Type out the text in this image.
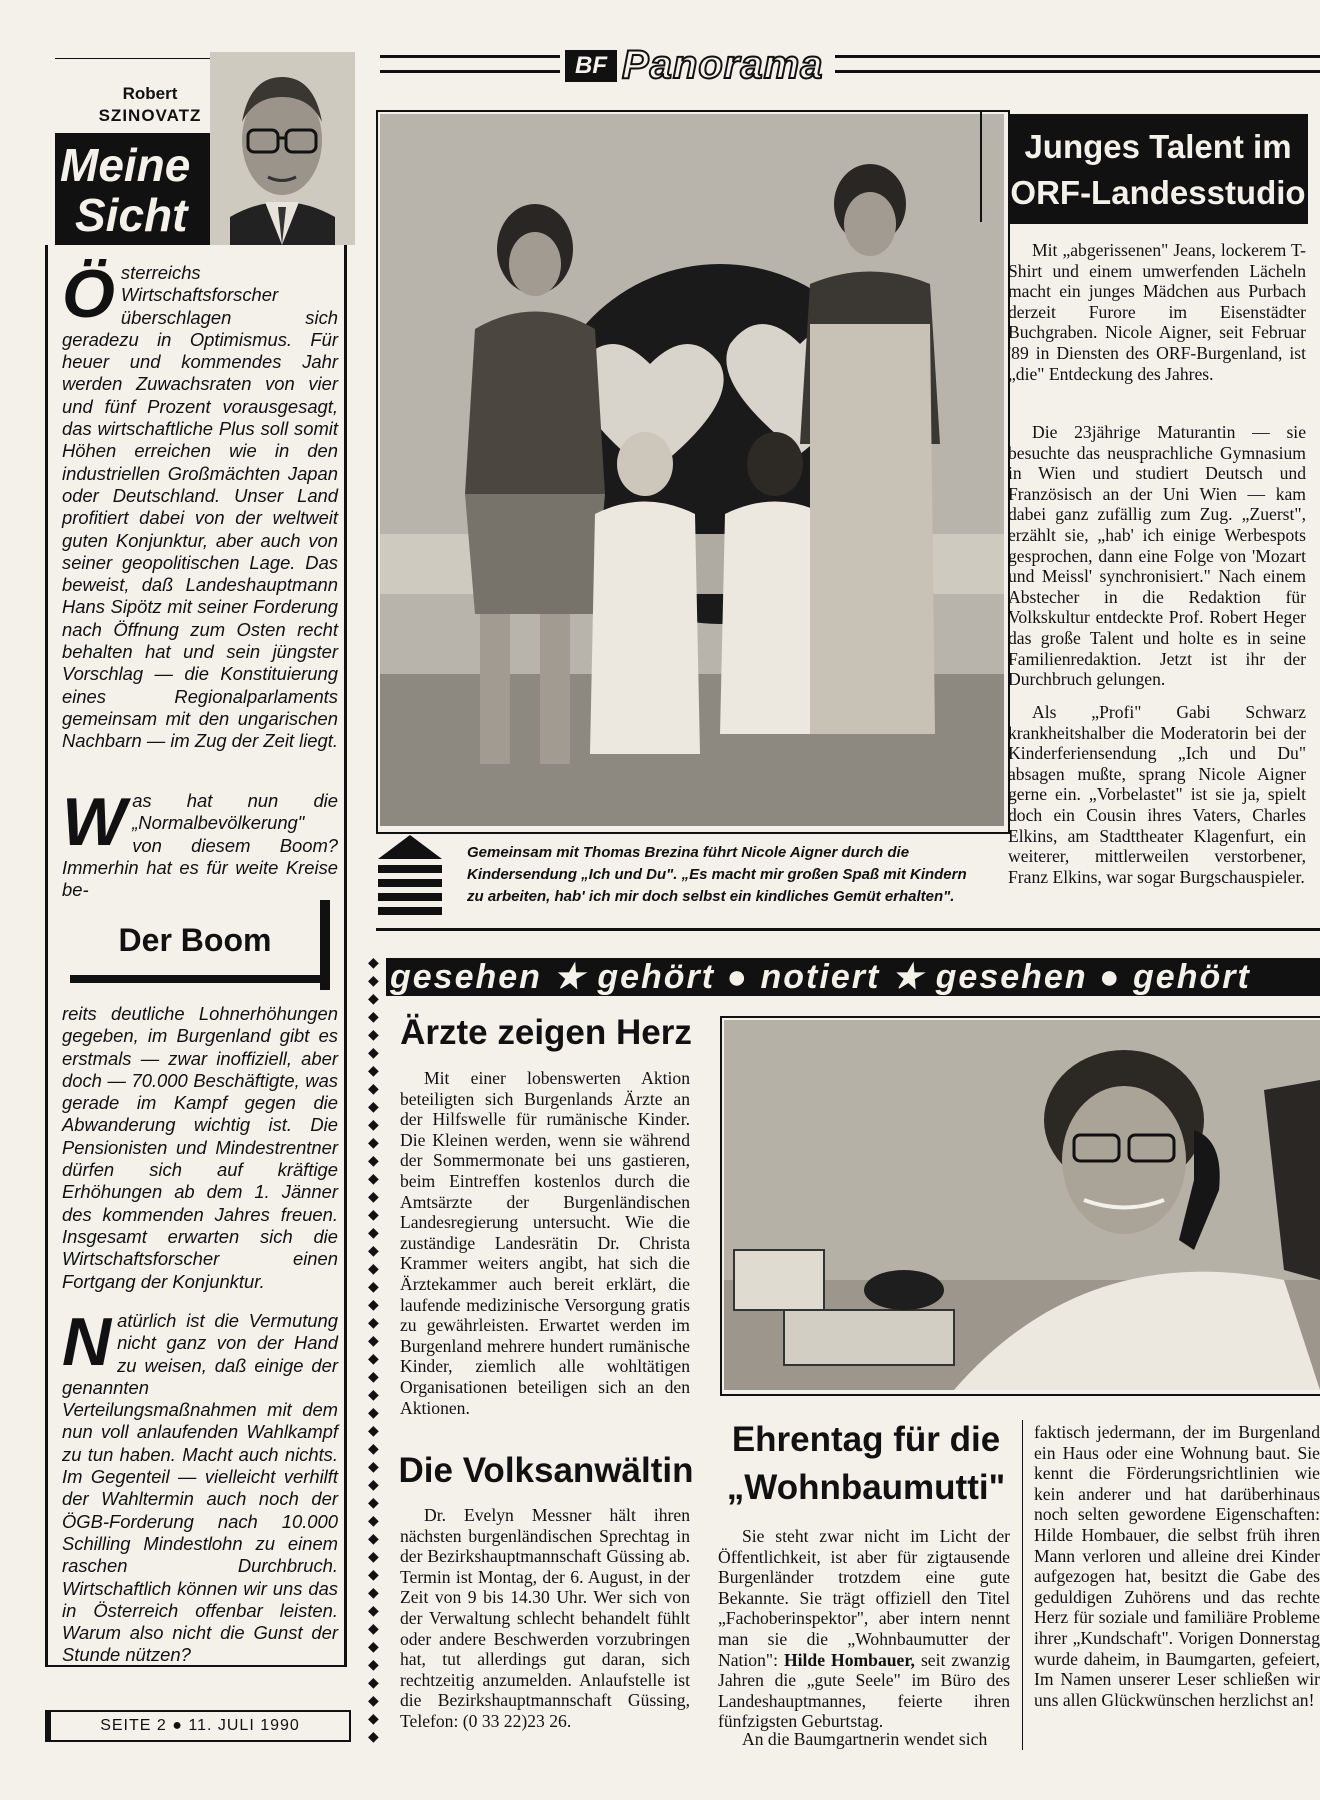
BF Panorama
Robert
SZINOVATZ
Meine
Sicht
Österreichs Wirtschaftsforscher überschlagen sich geradezu in Optimismus. Für heuer und kommendes Jahr werden Zuwachsraten von vier und fünf Prozent vorausgesagt, das wirtschaftliche Plus soll somit Höhen erreichen wie in den industriellen Großmächten Japan oder Deutschland. Unser Land profitiert dabei von der weltweit guten Konjunktur, aber auch von seiner geopolitischen Lage. Das beweist, daß Landeshauptmann Hans Sipötz mit seiner Forderung nach Öffnung zum Osten recht behalten hat und sein jüngster Vorschlag — die Konstituierung eines Regionalparlaments gemeinsam mit den ungarischen Nachbarn — im Zug der Zeit liegt.
Was hat nun die „Normalbevölkerung" von diesem Boom? Immerhin hat es für weite Kreise be-
Der Boom
reits deutliche Lohnerhöhungen gegeben, im Burgenland gibt es erstmals — zwar inoffiziell, aber doch — 70.000 Beschäftigte, was gerade im Kampf gegen die Abwanderung wichtig ist. Die Pensionisten und Mindestrentner dürfen sich auf kräftige Erhöhungen ab dem 1. Jänner des kommenden Jahres freuen. Insgesamt erwarten sich die Wirtschaftsforscher einen Fortgang der Konjunktur.
Natürlich ist die Vermutung nicht ganz von der Hand zu weisen, daß einige der genannten Verteilungsmaßnahmen mit dem nun voll anlaufenden Wahlkampf zu tun haben. Macht auch nichts. Im Gegenteil — vielleicht verhilft der Wahltermin auch noch der ÖGB-Forderung nach 10.000 Schilling Mindestlohn zu einem raschen Durchbruch. Wirtschaftlich können wir uns das in Österreich offenbar leisten. Warum also nicht die Gunst der Stunde nützen?
SEITE 2 ● 11. JULI 1990
Gemeinsam mit Thomas Brezina führt Nicole Aigner durch die Kindersendung „Ich und Du". „Es macht mir großen Spaß mit Kindern zu arbeiten, hab' ich mir doch selbst ein kindliches Gemüt erhalten".
Junges Talent im
ORF-Landesstudio
Mit „abgerissenen" Jeans, lockerem T-Shirt und einem umwerfenden Lächeln macht ein junges Mädchen aus Purbach derzeit Furore im Eisenstädter Buchgraben. Nicole Aigner, seit Februar '89 in Diensten des ORF-Burgenland, ist „die" Entdeckung des Jahres.
Die 23jährige Maturantin — sie besuchte das neusprachliche Gymnasium in Wien und studiert Deutsch und Französisch an der Uni Wien — kam dabei ganz zufällig zum Zug. „Zuerst", erzählt sie, „hab' ich einige Werbespots gesprochen, dann eine Folge von 'Mozart und Meissl' synchronisiert." Nach einem Abstecher in die Redaktion für Volkskultur entdeckte Prof. Robert Heger das große Talent und holte es in seine Familienredaktion. Jetzt ist ihr der Durchbruch gelungen.
Als „Profi" Gabi Schwarz krankheitshalber die Moderatorin bei der Kinderferiensendung „Ich und Du" absagen mußte, sprang Nicole Aigner gerne ein. „Vorbelastet" ist sie ja, spielt doch ein Cousin ihres Vaters, Charles Elkins, am Stadttheater Klagenfurt, ein weiterer, mittlerweilen verstorbener, Franz Elkins, war sogar Burgschauspieler.
gesehen ★ gehört ● notiert ★ gesehen ● gehört
◆
◆
◆
◆
◆
◆
◆
◆
◆
◆
◆
◆
◆
◆
◆
◆
◆
◆
◆
◆
◆
◆
◆
◆
◆
◆
◆
◆
◆
◆
◆
◆
◆
◆
◆
◆
◆
◆
◆
◆
◆
◆
◆
◆
Ärzte zeigen Herz
Mit einer lobenswerten Aktion beteiligten sich Burgenlands Ärzte an der Hilfswelle für rumänische Kinder. Die Kleinen werden, wenn sie während der Sommermonate bei uns gastieren, beim Eintreffen kostenlos durch die Amtsärzte der Burgenländischen Landesregierung untersucht. Wie die zuständige Landesrätin Dr. Christa Krammer weiters angibt, hat sich die Ärztekammer auch bereit erklärt, die laufende medizinische Versorgung gratis zu gewährleisten. Erwartet werden im Burgenland mehrere hundert rumänische Kinder, ziemlich alle wohltätigen Organisationen beteiligen sich an den Aktionen.
Die Volksanwältin
Dr. Evelyn Messner hält ihren nächsten burgenländischen Sprechtag in der Bezirkshauptmannschaft Güssing ab. Termin ist Montag, der 6. August, in der Zeit von 9 bis 14.30 Uhr. Wer sich von der Verwaltung schlecht behandelt fühlt oder andere Beschwerden vorzubringen hat, tut allerdings gut daran, sich rechtzeitig anzumelden. Anlaufstelle ist die Bezirkshauptmannschaft Güssing, Telefon: (0 33 22)23 26.
Ehrentag für die
„Wohnbaumutti"
Sie steht zwar nicht im Licht der Öffentlichkeit, ist aber für zigtausende Burgenländer trotzdem eine gute Bekannte. Sie trägt offiziell den Titel „Fachoberinspektor", aber intern nennt man sie die „Wohnbaumutter der Nation": Hilde Hombauer, seit zwanzig Jahren die „gute Seele" im Büro des Landeshauptmannes, feierte ihren fünfzigsten Geburtstag.
An die Baumgartnerin wendet sich
faktisch jedermann, der im Burgenland ein Haus oder eine Wohnung baut. Sie kennt die Förderungsrichtlinien wie kein anderer und hat darüberhinaus noch selten gewordene Eigenschaften: Hilde Hombauer, die selbst früh ihren Mann verloren und alleine drei Kinder aufgezogen hat, besitzt die Gabe des geduldigen Zuhörens und das rechte Herz für soziale und familiäre Probleme ihrer „Kundschaft". Vorigen Donnerstag wurde daheim, in Baumgarten, gefeiert, Im Namen unserer Leser schließen wir uns allen Glückwünschen herzlichst an!
